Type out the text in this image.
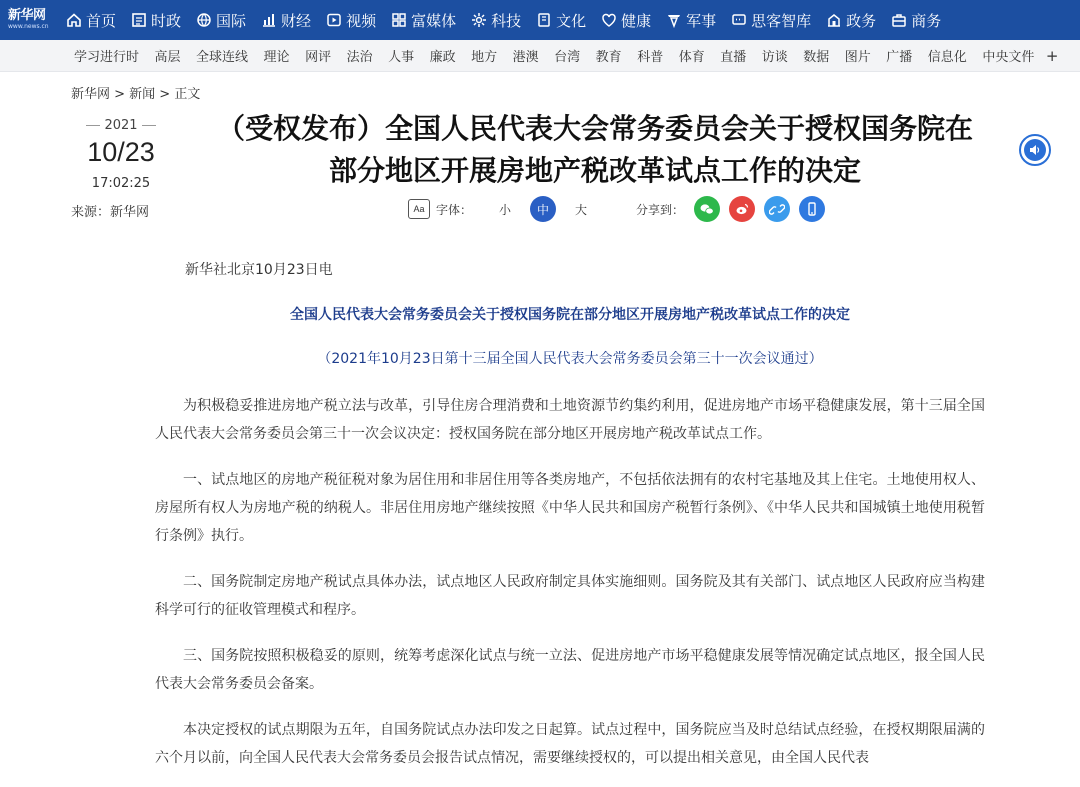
新华网
www.news.cn	首页 时政 国际 财经 视频 富媒体 科技 文化 健康 军事 思客智库 政务 商务
学习进行时 高层 全球连线 理论 网评 法治 人事 廉政 地方 港澳 台湾 教育 科普 体育 直播 访谈 数据 图片 广播 信息化 中央文件 +
新华网 > 新闻 > 正文
2021
10/23
17:02:25
来源：新华网
（受权发布）全国人民代表大会常务委员会关于授权国务院在
部分地区开展房地产税改革试点工作的决定
Aa 字体：	小	中	大	分享到：

新华社北京10月23日电

全国人民代表大会常务委员会关于授权国务院在部分地区开展房地产税改革试点工作的决定

（2021年10月23日第十三届全国人民代表大会常务委员会第三十一次会议通过）

为积极稳妥推进房地产税立法与改革，引导住房合理消费和土地资源节约集约利用，促进房地产市场平稳健康发展，第十三届全国人民代表大会常务委员会第三十一次会议决定：授权国务院在部分地区开展房地产税改革试点工作。

一、试点地区的房地产税征税对象为居住用和非居住用等各类房地产，不包括依法拥有的农村宅基地及其上住宅。土地使用权人、房屋所有权人为房地产税的纳税人。非居住用房地产继续按照《中华人民共和国房产税暂行条例》、《中华人民共和国城镇土地使用税暂行条例》执行。

二、国务院制定房地产税试点具体办法，试点地区人民政府制定具体实施细则。国务院及其有关部门、试点地区人民政府应当构建科学可行的征收管理模式和程序。

三、国务院按照积极稳妥的原则，统筹考虑深化试点与统一立法、促进房地产市场平稳健康发展等情况确定试点地区，报全国人民代表大会常务委员会备案。

本决定授权的试点期限为五年，自国务院试点办法印发之日起算。试点过程中，国务院应当及时总结试点经验，在授权期限届满的六个月以前，向全国人民代表大会常务委员会报告试点情况，需要继续授权的，可以提出相关意见，由全国人民代表
